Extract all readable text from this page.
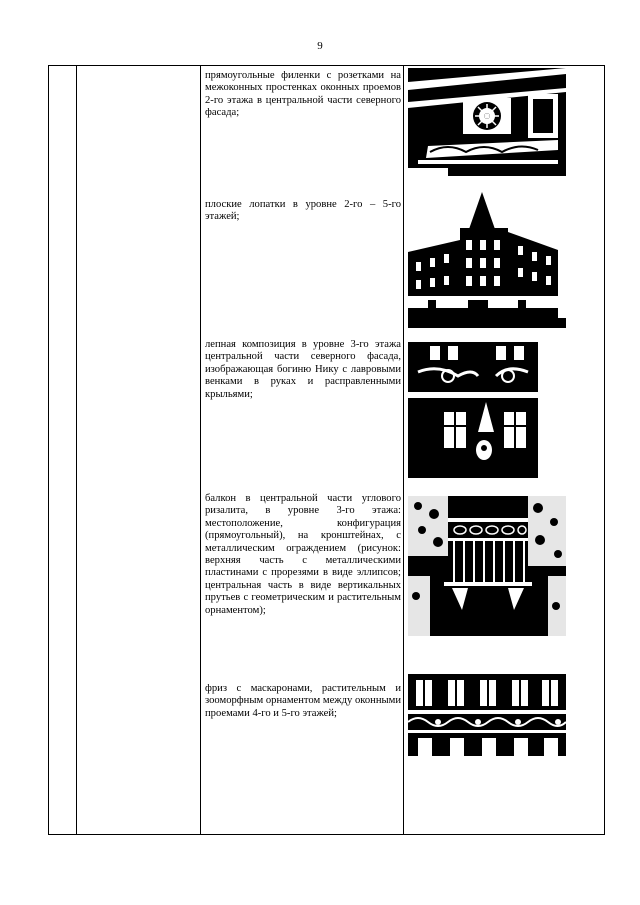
9

прямоугольные филенки с розетками на межоконных простенках оконных проемов 2-го этажа в центральной части северного фасада;
плоские лопатки в уровне 2-го – 5-го этажей;
лепная композиция в уровне 3-го этажа центральной части северного фасада, изображающая богиню Нику с лавровыми венками в руках и расправленными крыльями;
балкон в центральной части углового ризалита, в уровне 3-го этажа: местоположение, конфигурация (прямоугольный), на кронштейнах, с металлическим ограждением (рисунок: верхняя часть с металлическими пластинами с прорезями в виде эллипсов; центральная часть в виде вертикальных прутьев с геометрическим и растительным орнаментом);
фриз с маскаронами, растительным и зооморфным орнаментом между оконными проемами 4-го и 5-го этажей;
